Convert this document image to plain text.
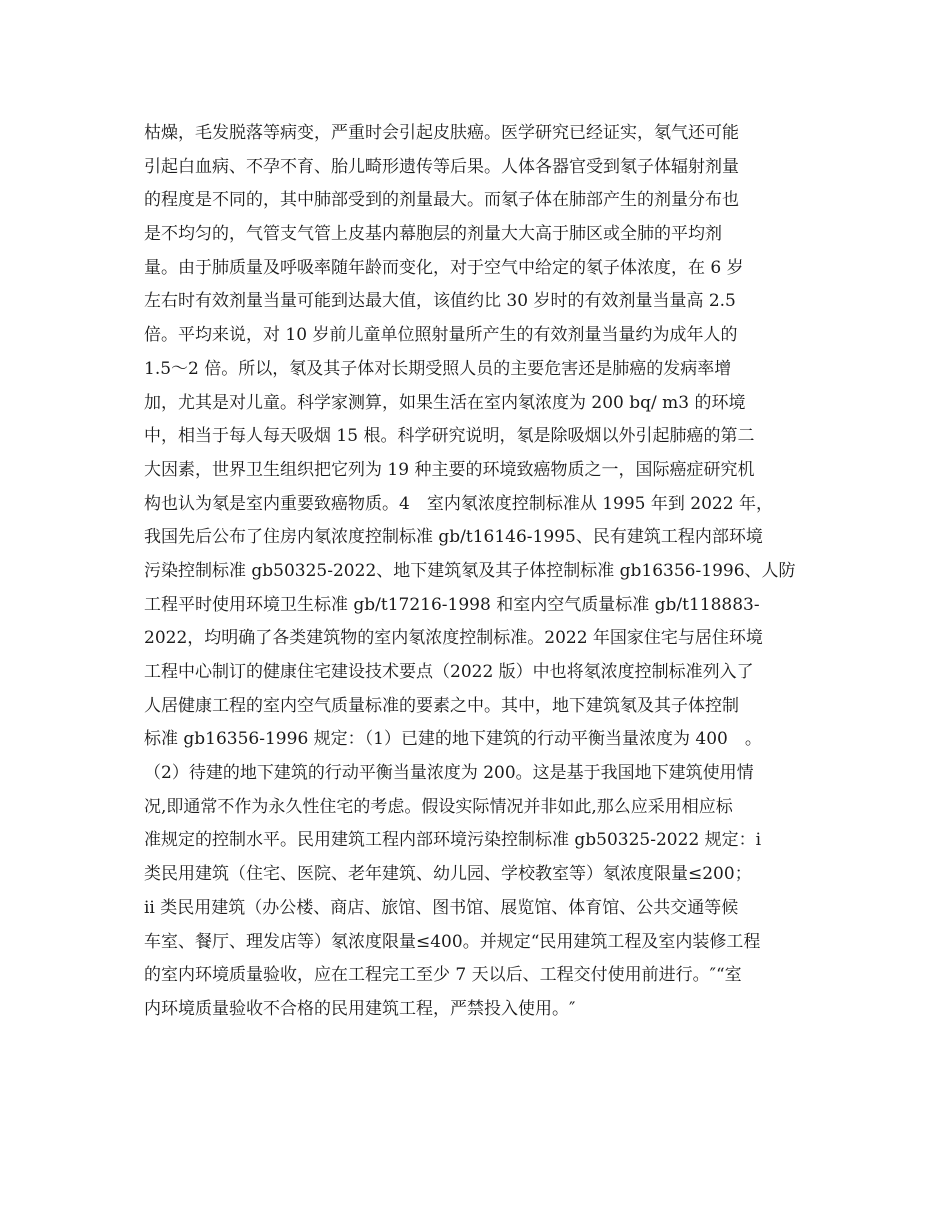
枯燥，毛发脱落等病变，严重时会引起皮肤癌。医学研究已经证实，氡气还可能
引起白血病、不孕不育、胎儿畸形遗传等后果。人体各器官受到氡子体辐射剂量
的程度是不同的，其中肺部受到的剂量最大。而氡子体在肺部产生的剂量分布也
是不均匀的，气管支气管上皮基内幕胞层的剂量大大高于肺区或全肺的平均剂
量。由于肺质量及呼吸率随年龄而变化，对于空气中给定的氡子体浓度，在 6 岁
左右时有效剂量当量可能到达最大值，该值约比 30 岁时的有效剂量当量高 2.5
倍。平均来说，对 10 岁前儿童单位照射量所产生的有效剂量当量约为成年人的
1.5～2 倍。所以，氡及其子体对长期受照人员的主要危害还是肺癌的发病率增
加，尤其是对儿童。科学家测算，如果生活在室内氡浓度为 200 bq/ m3 的环境
中，相当于每人每天吸烟 15 根。科学研究说明，氡是除吸烟以外引起肺癌的第二
大因素，世界卫生组织把它列为 19 种主要的环境致癌物质之一，国际癌症研究机
构也认为氡是室内重要致癌物质。4　室内氡浓度控制标准从 1995 年到 2022 年，
我国先后公布了住房内氡浓度控制标准 gb/t16146-1995、民有建筑工程内部环境
污染控制标准 gb50325-2022、地下建筑氡及其子体控制标准 gb16356-1996、人防
工程平时使用环境卫生标准 gb/t17216-1998 和室内空气质量标准 gb/t118883-
2022，均明确了各类建筑物的室内氡浓度控制标准。2022 年国家住宅与居住环境
工程中心制订的健康住宅建设技术要点（2022 版）中也将氡浓度控制标准列入了
人居健康工程的室内空气质量标准的要素之中。其中，地下建筑氡及其子体控制
标准 gb16356-1996 规定：（1）已建的地下建筑的行动平衡当量浓度为 400　。
（2）待建的地下建筑的行动平衡当量浓度为 200。这是基于我国地下建筑使用情
况,即通常不作为永久性住宅的考虑。假设实际情况并非如此,那么应采用相应标
准规定的控制水平。民用建筑工程内部环境污染控制标准 gb50325-2022 规定：i
类民用建筑（住宅、医院、老年建筑、幼儿园、学校教室等）氡浓度限量≤200；
ii 类民用建筑（办公楼、商店、旅馆、图书馆、展览馆、体育馆、公共交通等候
车室、餐厅、理发店等）氡浓度限量≤400。并规定“民用建筑工程及室内装修工程
的室内环境质量验收，应在工程完工至少 7 天以后、工程交付使用前进行。″“室
内环境质量验收不合格的民用建筑工程，严禁投入使用。″
